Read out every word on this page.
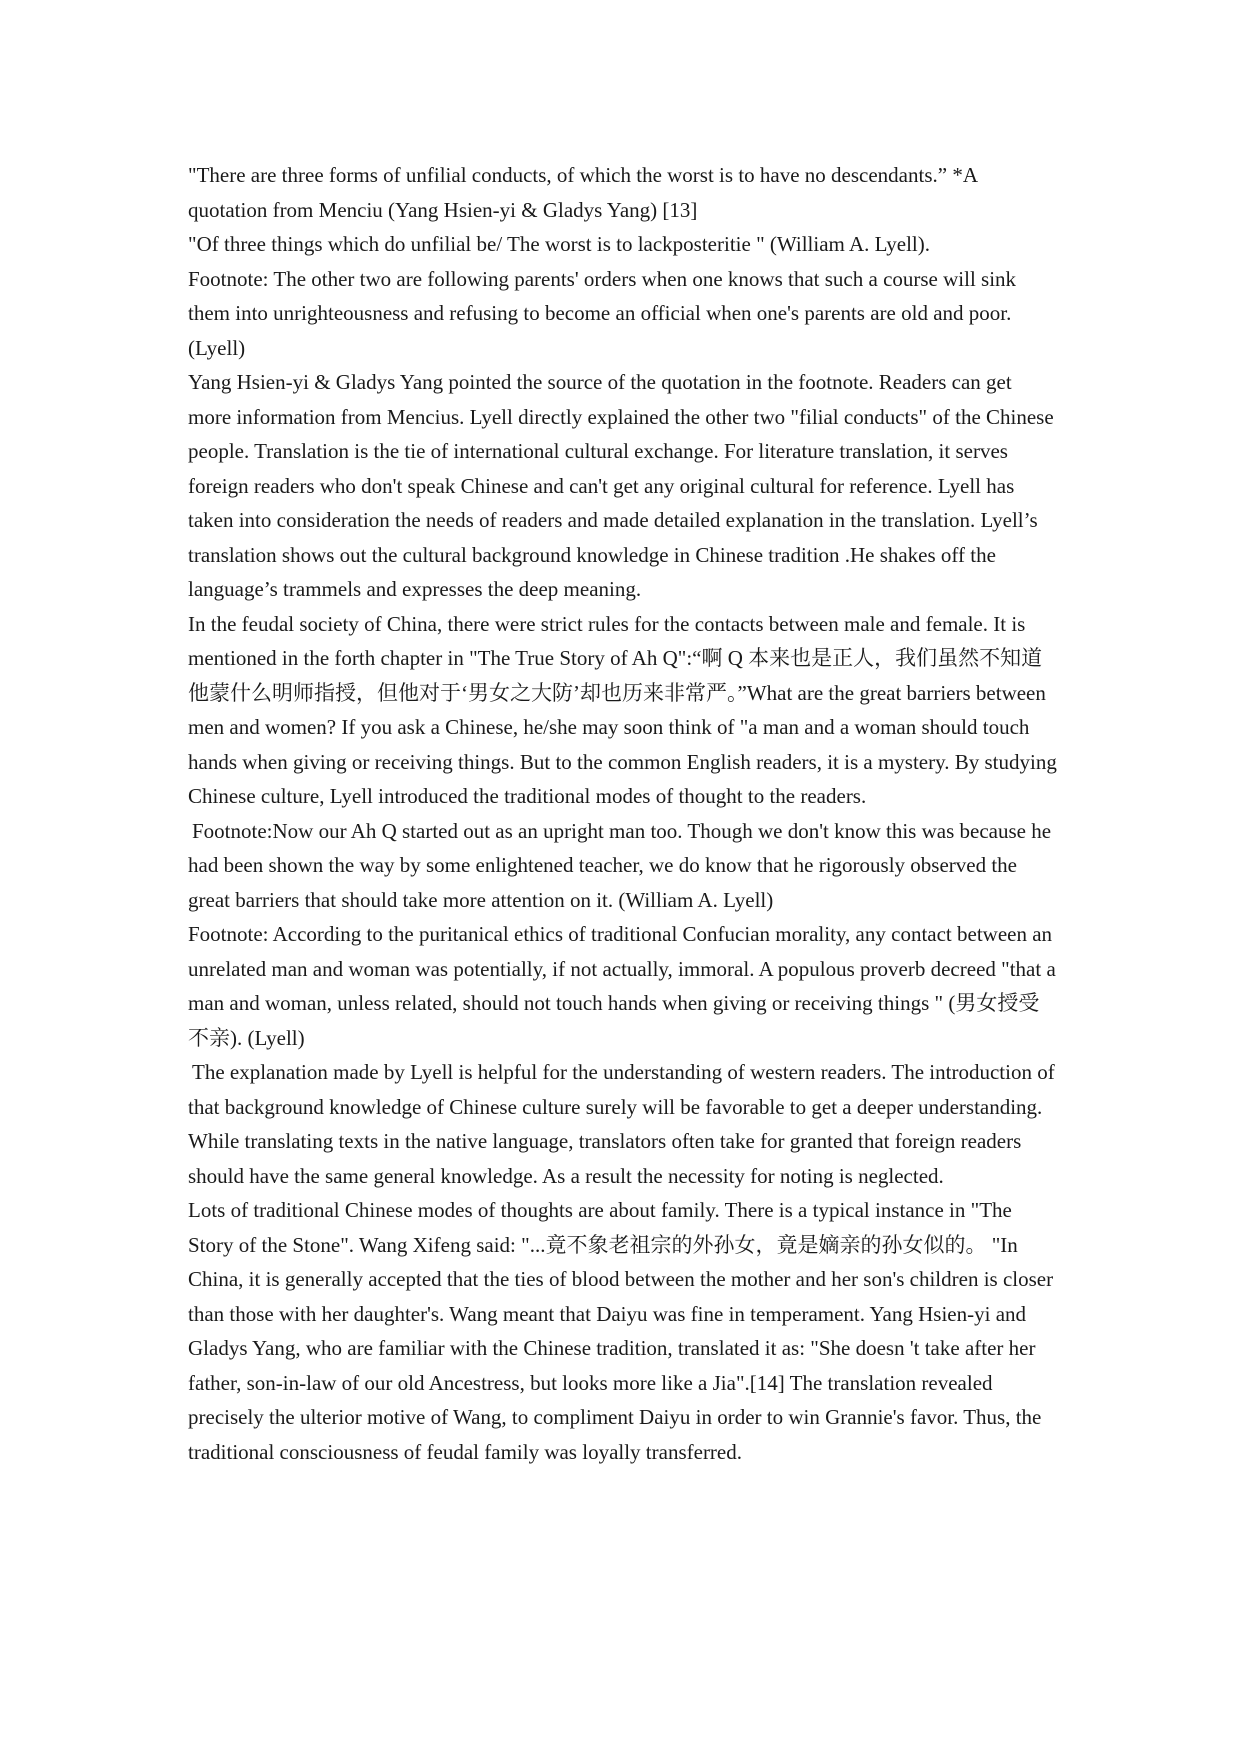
"There are three forms of unfilial conducts, of which the worst is to have no descendants.” *A quotation from Menciu (Yang Hsien-yi & Gladys Yang) [13]

"Of three things which do unfilial be/ The worst is to lackposteritie " (William A. Lyell).

Footnote: The other two are following parents' orders when one knows that such a course will sink them into unrighteousness and refusing to become an official when one's parents are old and poor.(Lyell)

Yang Hsien-yi & Gladys Yang pointed the source of the quotation in the footnote. Readers can get more information from Mencius. Lyell directly explained the other two "filial conducts" of the Chinese people. Translation is the tie of international cultural exchange. For literature translation, it serves foreign readers who don't speak Chinese and can't get any original cultural for reference. Lyell has taken into consideration the needs of readers and made detailed explanation in the translation. Lyell’s translation shows out the cultural background knowledge in Chinese tradition .He shakes off the language’s trammels and expresses the deep meaning.

In the feudal society of China, there were strict rules for the contacts between male and female. It is mentioned in the forth chapter in "The True Story of Ah Q":“啊 Q 本来也是正人，我们虽然不知道他蒙什么明师指授，但他对于‘男女之大防’却也历来非常严。”What are the great barriers between men and women? If you ask a Chinese, he/she may soon think of "a man and a woman should touch hands when giving or receiving things. But to the common English readers, it is a mystery. By studying Chinese culture, Lyell introduced the traditional modes of thought to the readers.

Footnote:Now our Ah Q started out as an upright man too. Though we don't know this was because he had been shown the way by some enlightened teacher, we do know that he rigorously observed the great barriers that should take more attention on it. (William A. Lyell)

Footnote: According to the puritanical ethics of traditional Confucian morality, any contact between an unrelated man and woman was potentially, if not actually, immoral. A populous proverb decreed "that a man and woman, unless related, should not touch hands when giving or receiving things " (男女授受不亲). (Lyell)

The explanation made by Lyell is helpful for the understanding of western readers. The introduction of that background knowledge of Chinese culture surely will be favorable to get a deeper understanding. While translating texts in the native language, translators often take for granted that foreign readers should have the same general knowledge. As a result the necessity for noting is neglected.

Lots of traditional Chinese modes of thoughts are about family. There is a typical instance in "The Story of the Stone". Wang Xifeng said: "...竟不象老祖宗的外孙女，竟是嫡亲的孙女似的。 "In China, it is generally accepted that the ties of blood between the mother and her son's children is closer than those with her daughter's. Wang meant that Daiyu was fine in temperament. Yang Hsien-yi and Gladys Yang, who are familiar with the Chinese tradition, translated it as: "She doesn 't take after her father, son-in-law of our old Ancestress, but looks more like a Jia".[14] The translation revealed precisely the ulterior motive of Wang, to compliment Daiyu in order to win Grannie's favor. Thus, the traditional consciousness of feudal family was loyally transferred.
